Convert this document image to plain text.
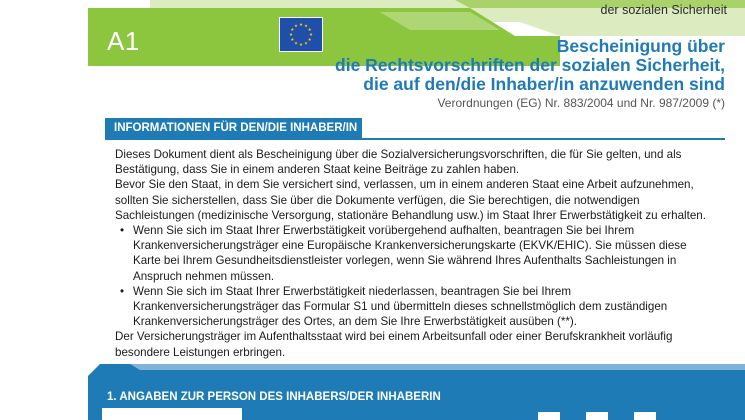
A1
der sozialen Sicherheit
Bescheinigung über
die Rechtsvorschriften der sozialen Sicherheit,
die auf den/die Inhaber/in anzuwenden sind
Verordnungen (EG) Nr. 883/2004 und Nr. 987/2009 (*)
INFORMATIONEN FÜR DEN/DIE INHABER/IN

Dieses Dokument dient als Bescheinigung über die Sozialversicherungsvorschriften, die für Sie gelten, und als Bestätigung, dass Sie in einem anderen Staat keine Beiträge zu zahlen haben.

Bevor Sie den Staat, in dem Sie versichert sind, verlassen, um in einem anderen Staat eine Arbeit aufzunehmen, sollten Sie sicherstellen, dass Sie über die Dokumente verfügen, die Sie berechtigen, die notwendigen Sachleistungen (medizinische Versorgung, stationäre Behandlung usw.) im Staat Ihrer Erwerbstätigkeit zu erhalten.

• Wenn Sie sich im Staat Ihrer Erwerbstätigkeit vorübergehend aufhalten, beantragen Sie bei Ihrem Krankenversicherungsträger eine Europäische Krankenversicherungskarte (EKVK/EHIC). Sie müssen diese Karte bei Ihrem Gesundheitsdienstleister vorlegen, wenn Sie während Ihres Aufenthalts Sachleistungen in Anspruch nehmen müssen.
• Wenn Sie sich im Staat Ihrer Erwerbstätigkeit niederlassen, beantragen Sie bei Ihrem Krankenversicherungsträger das Formular S1 und übermitteln dieses schnellstmöglich dem zuständigen Krankenversicherungsträger des Ortes, an dem Sie Ihre Erwerbstätigkeit ausüben (**).

Der Versicherungsträger im Aufenthaltsstaat wird bei einem Arbeitsunfall oder einer Berufskrankheit vorläufig besondere Leistungen erbringen.

1. ANGABEN ZUR PERSON DES INHABERS/DER INHABERIN
